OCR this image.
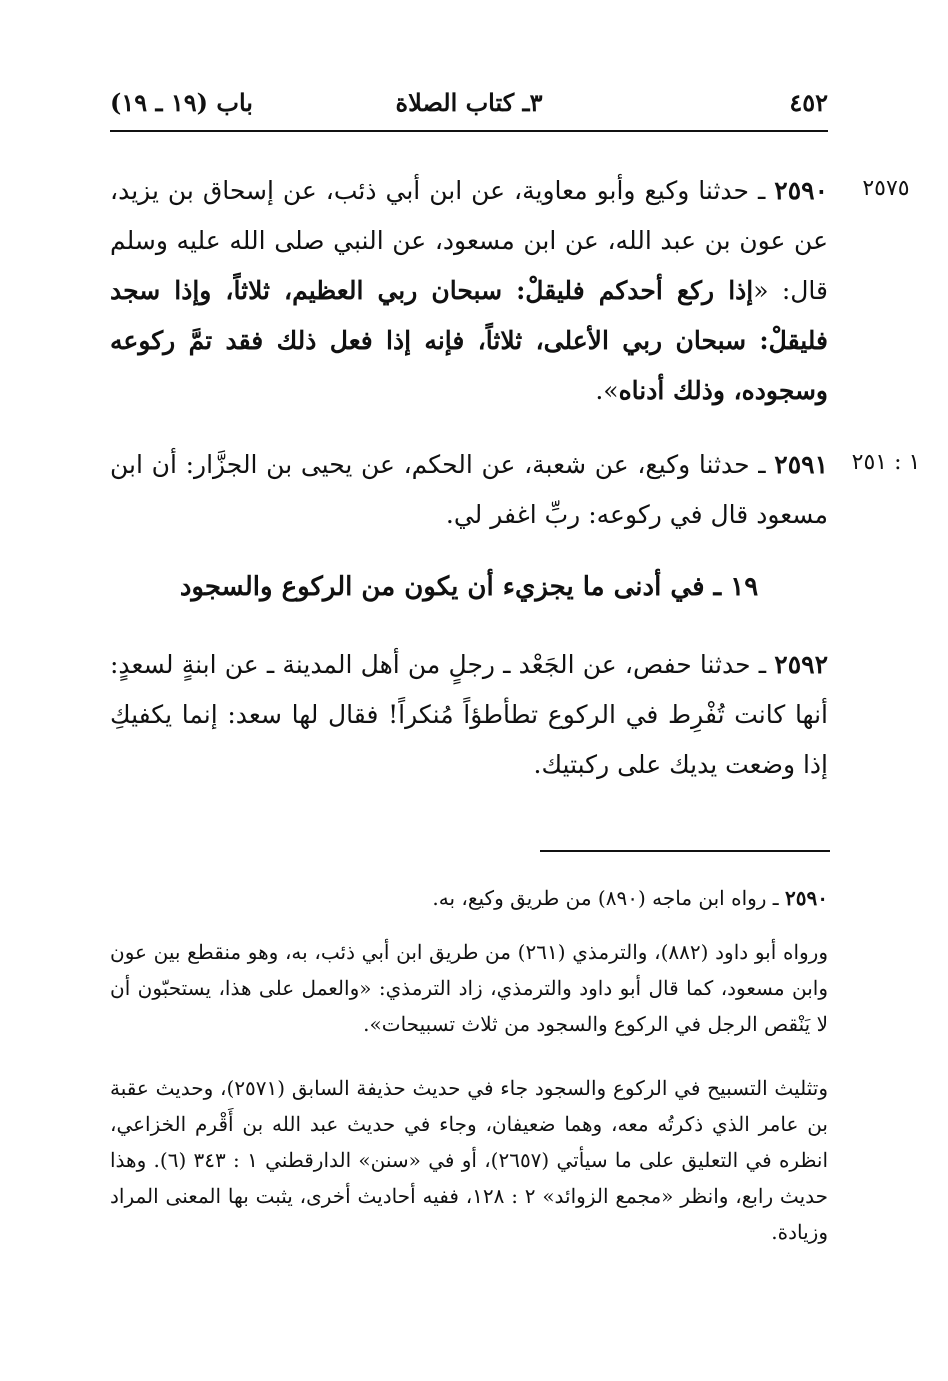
٤٥٢
٣ـ كتاب الصلاة
باب (١٩ ـ ١٩)
٢٥٧٥
٢٥٩٠ ـ حدثنا وكيع وأبو معاوية، عن ابن أبي ذئب، عن إسحاق بن يزيد، عن عون بن عبد الله، عن ابن مسعود، عن النبي صلى الله عليه وسلم قال: «إذا ركع أحدكم فليقلْ: سبحان ربي العظيم، ثلاثاً، وإذا سجد فليقلْ: سبحان ربي الأعلى، ثلاثاً، فإنه إذا فعل ذلك فقد تمَّ ركوعه وسجوده، وذلك أدناه».
١ : ٢٥١
٢٥٩١ ـ حدثنا وكيع، عن شعبة، عن الحكم، عن يحيى بن الجزَّار: أن ابن مسعود قال في ركوعه: ربِّ اغفر لي.
١٩ ـ في أدنى ما يجزيء أن يكون من الركوع والسجود
٢٥٩٢ ـ حدثنا حفص، عن الجَعْد ـ رجلٍ من أهل المدينة ـ عن ابنةٍ لسعدٍ: أنها كانت تُفْرِط في الركوع تطأطؤاً مُنكراً! فقال لها سعد: إنما يكفيكِ إذا وضعت يديك على ركبتيك.
٢٥٩٠ ـ رواه ابن ماجه (٨٩٠) من طريق وكيع، به.
ورواه أبو داود (٨٨٢)، والترمذي (٢٦١) من طريق ابن أبي ذئب، به، وهو منقطع بين عون وابن مسعود، كما قال أبو داود والترمذي، زاد الترمذي: «والعمل على هذا، يستحبّون أن لا يَنْقص الرجل في الركوع والسجود من ثلاث تسبيحات».
وتثليث التسبيح في الركوع والسجود جاء في حديث حذيفة السابق (٢٥٧١)، وحديث عقبة بن عامر الذي ذكرتُه معه، وهما ضعيفان، وجاء في حديث عبد الله بن أَقْرم الخزاعي، انظره في التعليق على ما سيأتي (٢٦٥٧)، أو في «سنن» الدارقطني ١ : ٣٤٣ (٦). وهذا حديث رابع، وانظر «مجمع الزوائد» ٢ : ١٢٨، ففيه أحاديث أخرى، يثبت بها المعنى المراد وزيادة.
